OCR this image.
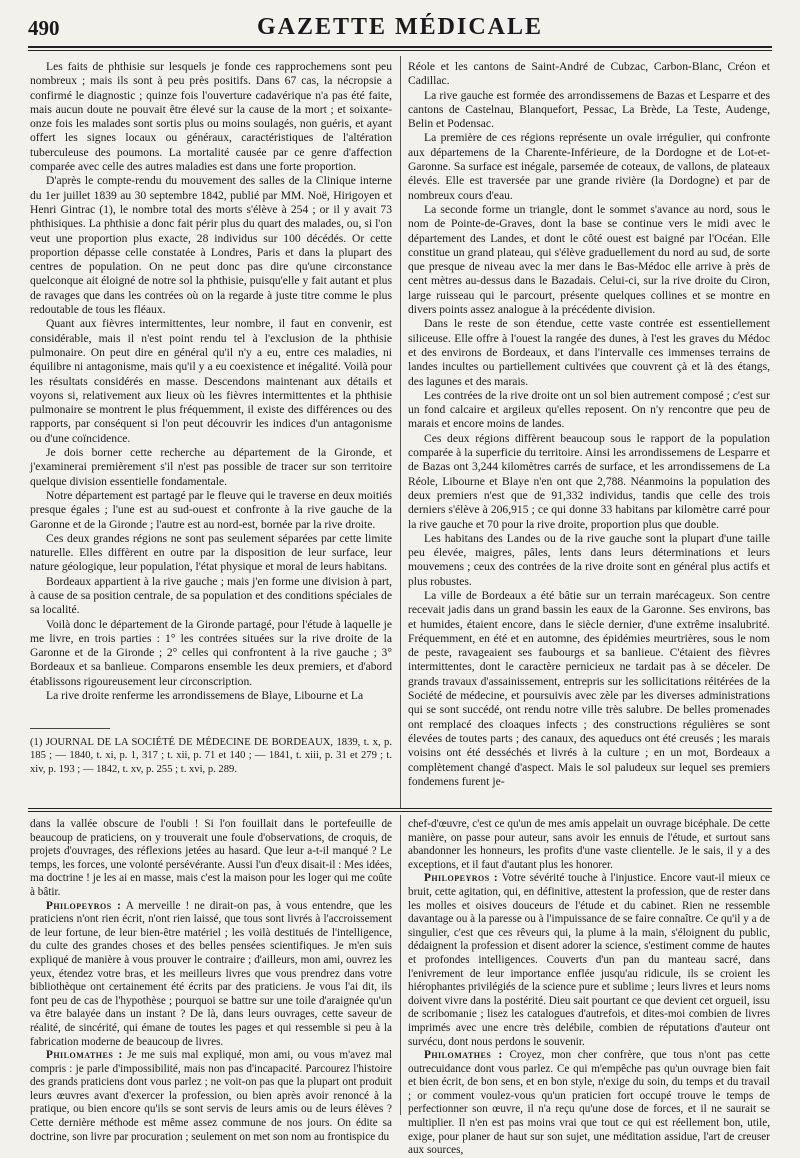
490	GAZETTE MÉDICALE

Les faits de phthisie sur lesquels je fonde ces rapprochemens sont peu nombreux ; mais ils sont à peu près positifs. Dans 67 cas, la nécropsie a confirmé le diagnostic ; quinze fois l'ouverture cadavérique n'a pas été faite, mais aucun doute ne pouvait être élevé sur la cause de la mort ; et soixante-onze fois les malades sont sortis plus ou moins soulagés, non guéris, et ayant offert les signes locaux ou généraux, caractéristiques de l'altération tuberculeuse des poumons. La mortalité causée par ce genre d'affection comparée avec celle des autres maladies est dans une forte proportion.

D'après le compte-rendu du mouvement des salles de la Clinique interne du 1er juillet 1839 au 30 septembre 1842, publié par MM. Noë, Hirigoyen et Henri Gintrac (1), le nombre total des morts s'élève à 254 ; or il y avait 73 phthisiques. La phthisie a donc fait périr plus du quart des malades, ou, si l'on veut une proportion plus exacte, 28 individus sur 100 décédés. Or cette proportion dépasse celle constatée à Londres, Paris et dans la plupart des centres de population. On ne peut donc pas dire qu'une circonstance quelconque ait éloigné de notre sol la phthisie, puisqu'elle y fait autant et plus de ravages que dans les contrées où on la regarde à juste titre comme le plus redoutable de tous les fléaux.

Quant aux fièvres intermittentes, leur nombre, il faut en convenir, est considérable, mais il n'est point rendu tel à l'exclusion de la phthisie pulmonaire. On peut dire en général qu'il n'y a eu, entre ces maladies, ni équilibre ni antagonisme, mais qu'il y a eu coexistence et inégalité. Voilà pour les résultats considérés en masse. Descendons maintenant aux détails et voyons si, relativement aux lieux où les fièvres intermittentes et la phthisie pulmonaire se montrent le plus fréquemment, il existe des différences ou des rapports, par conséquent si l'on peut découvrir les indices d'un antagonisme ou d'une coïncidence.

Je dois borner cette recherche au département de la Gironde, et j'examinerai premièrement s'il n'est pas possible de tracer sur son territoire quelque division essentielle fondamentale.

Notre département est partagé par le fleuve qui le traverse en deux moitiés presque égales ; l'une est au sud-ouest et confronte à la rive gauche de la Garonne et de la Gironde ; l'autre est au nord-est, bornée par la rive droite.

Ces deux grandes régions ne sont pas seulement séparées par cette limite naturelle. Elles diffèrent en outre par la disposition de leur surface, leur nature géologique, leur population, l'état physique et moral de leurs habitans.

Bordeaux appartient à la rive gauche ; mais j'en forme une division à part, à cause de sa position centrale, de sa population et des conditions spéciales de sa localité.

Voilà donc le département de la Gironde partagé, pour l'étude à laquelle je me livre, en trois parties : 1° les contrées situées sur la rive droite de la Garonne et de la Gironde ; 2° celles qui confrontent à la rive gauche ; 3° Bordeaux et sa banlieue. Comparons ensemble les deux premiers, et d'abord établissons rigoureusement leur circonscription.

La rive droite renferme les arrondissemens de Blaye, Libourne et La

Réole et les cantons de Saint-André de Cubzac, Carbon-Blanc, Créon et Cadillac.

La rive gauche est formée des arrondissemens de Bazas et Lesparre et des cantons de Castelnau, Blanquefort, Pessac, La Brède, La Teste, Audenge, Belin et Podensac.

La première de ces régions représente un ovale irrégulier, qui confronte aux départemens de la Charente-Inférieure, de la Dordogne et de Lot-et-Garonne. Sa surface est inégale, parsemée de coteaux, de vallons, de plateaux élevés. Elle est traversée par une grande rivière (la Dordogne) et par de nombreux cours d'eau.

La seconde forme un triangle, dont le sommet s'avance au nord, sous le nom de Pointe-de-Graves, dont la base se continue vers le midi avec le département des Landes, et dont le côté ouest est baigné par l'Océan. Elle constitue un grand plateau, qui s'élève graduellement du nord au sud, de sorte que presque de niveau avec la mer dans le Bas-Médoc elle arrive à près de cent mètres au-dessus dans le Bazadais. Celui-ci, sur la rive droite du Ciron, large ruisseau qui le parcourt, présente quelques collines et se montre en divers points assez analogue à la précédente division.

Dans le reste de son étendue, cette vaste contrée est essentiellement siliceuse. Elle offre à l'ouest la rangée des dunes, à l'est les graves du Médoc et des environs de Bordeaux, et dans l'intervalle ces immenses terrains de landes incultes ou partiellement cultivées que couvrent çà et là des étangs, des lagunes et des marais.

Les contrées de la rive droite ont un sol bien autrement composé ; c'est sur un fond calcaire et argileux qu'elles reposent. On n'y rencontre que peu de marais et encore moins de landes.

Ces deux régions diffèrent beaucoup sous le rapport de la population comparée à la superficie du territoire. Ainsi les arrondissemens de Lesparre et de Bazas ont 3,244 kilomètres carrés de surface, et les arrondissemens de La Réole, Libourne et Blaye n'en ont que 2,788. Néanmoins la population des deux premiers n'est que de 91,332 individus, tandis que celle des trois derniers s'élève à 206,915 ; ce qui donne 33 habitans par kilomètre carré pour la rive gauche et 70 pour la rive droite, proportion plus que double.

Les habitans des Landes ou de la rive gauche sont la plupart d'une taille peu élevée, maigres, pâles, lents dans leurs déterminations et leurs mouvemens ; ceux des contrées de la rive droite sont en général plus actifs et plus robustes.

La ville de Bordeaux a été bâtie sur un terrain marécageux. Son centre recevait jadis dans un grand bassin les eaux de la Garonne. Ses environs, bas et humides, étaient encore, dans le siècle dernier, d'une extrême insalubrité. Fréquemment, en été et en automne, des épidémies meurtrières, sous le nom de peste, ravageaient ses faubourgs et sa banlieue. C'étaient des fièvres intermittentes, dont le caractère pernicieux ne tardait pas à se déceler. De grands travaux d'assainissement, entrepris sur les sollicitations réitérées de la Société de médecine, et poursuivis avec zèle par les diverses administrations qui se sont succédé, ont rendu notre ville très salubre. De belles promenades ont remplacé des cloaques infects ; des constructions régulières se sont élevées de toutes parts ; des canaux, des aqueducs ont été creusés ; les marais voisins ont été desséchés et livrés à la culture ; en un mot, Bordeaux a complètement changé d'aspect. Mais le sol paludeux sur lequel ses premiers fondemens furent je-

(1) JOURNAL DE LA SOCIÉTÉ DE MÉDECINE DE BORDEAUX, 1839, t. x, p. 185 ; — 1840, t. xi, p. 1, 317 ; t. xii, p. 71 et 140 ; — 1841, t. xiii, p. 31 et 279 ; t. xiv, p. 193 ; — 1842, t. xv, p. 255 ; t. xvi, p. 289.

dans la vallée obscure de l'oubli ! Si l'on fouillait dans le portefeuille de beaucoup de praticiens, on y trouverait une foule d'observations, de croquis, de projets d'ouvrages, des réflexions jetées au hasard. Que leur a-t-il manqué ? Le temps, les forces, une volonté persévérante. Aussi l'un d'eux disait-il : Mes idées, ma doctrine ! je les ai en masse, mais c'est la maison pour les loger qui me coûte à bâtir.

Philopeyros : A merveille ! ne dirait-on pas, à vous entendre, que les praticiens n'ont rien écrit, n'ont rien laissé, que tous sont livrés à l'accroissement de leur fortune, de leur bien-être matériel ; les voilà destitués de l'intelligence, du culte des grandes choses et des belles pensées scientifiques. Je m'en suis expliqué de manière à vous prouver le contraire ; d'ailleurs, mon ami, ouvrez les yeux, étendez votre bras, et les meilleurs livres que vous prendrez dans votre bibliothèque ont certainement été écrits par des praticiens. Je vous l'ai dit, ils font peu de cas de l'hypothèse ; pourquoi se battre sur une toile d'araignée qu'un va être balayée dans un instant ? De là, dans leurs ouvrages, cette saveur de réalité, de sincérité, qui émane de toutes les pages et qui ressemble si peu à la fabrication moderne de beaucoup de livres.

Philomathes : Je me suis mal expliqué, mon ami, ou vous m'avez mal compris : je parle d'impossibilité, mais non pas d'incapacité. Parcourez l'histoire des grands praticiens dont vous parlez ; ne voit-on pas que la plupart ont produit leurs œuvres avant d'exercer la profession, ou bien après avoir renoncé à la pratique, ou bien encore qu'ils se sont servis de leurs amis ou de leurs élèves ? Cette dernière méthode est même assez commune de nos jours. On édite sa doctrine, son livre par procuration ; seulement on met son nom au frontispice du

chef-d'œuvre, c'est ce qu'un de mes amis appelait un ouvrage bicéphale. De cette manière, on passe pour auteur, sans avoir les ennuis de l'étude, et surtout sans abandonner les honneurs, les profits d'une vaste clientelle. Je le sais, il y a des exceptions, et il faut d'autant plus les honorer.

Philopeyros : Votre sévérité touche à l'injustice. Encore vaut-il mieux ce bruit, cette agitation, qui, en définitive, attestent la profession, que de rester dans les molles et oisives douceurs de l'étude et du cabinet. Rien ne ressemble davantage ou à la paresse ou à l'impuissance de se faire connaître. Ce qu'il y a de singulier, c'est que ces rêveurs qui, la plume à la main, s'éloignent du public, dédaignent la profession et disent adorer la science, s'estiment comme de hautes et profondes intelligences. Couverts d'un pan du manteau sacré, dans l'enivrement de leur importance enflée jusqu'au ridicule, ils se croient les hiérophantes privilégiés de la science pure et sublime ; leurs livres et leurs noms doivent vivre dans la postérité. Dieu sait pourtant ce que devient cet orgueil, issu de scribomanie ; lisez les catalogues d'autrefois, et dites-moi combien de livres imprimés avec une encre très delébile, combien de réputations d'auteur ont survécu, dont nous perdons le souvenir.

Philomathes : Croyez, mon cher confrère, que tous n'ont pas cette outrecuidance dont vous parlez. Ce qui m'empêche pas qu'un ouvrage bien fait et bien écrit, de bon sens, et en bon style, n'exige du soin, du temps et du travail ; or comment voulez-vous qu'un praticien fort occupé trouve le temps de perfectionner son œuvre, il n'a reçu qu'une dose de forces, et il ne saurait se multiplier. Il n'en est pas moins vrai que tout ce qui est réellement bon, utile, exige, pour planer de haut sur son sujet, une méditation assidue, l'art de creuser aux sources,
